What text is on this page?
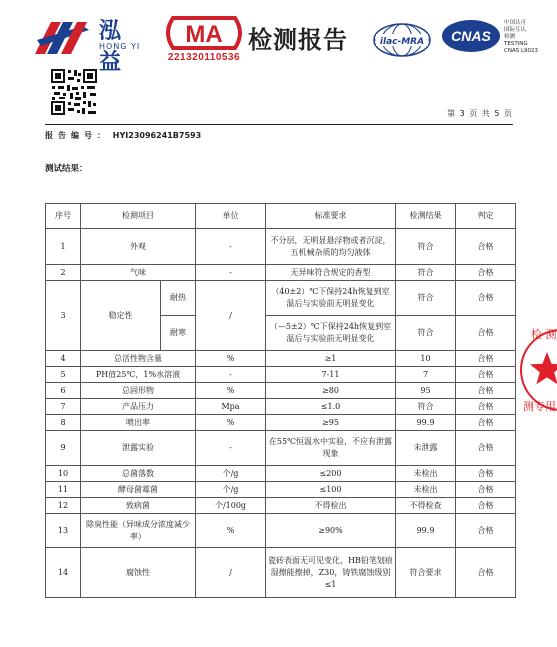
泓益
HONG YI MA
221320110536
检测报告	ilac-MRA CNAS
中国认可
国际互认
检测
TESTING
CNAS L9023
第 3 页 共 5 页
报告编号： HYI23096241B7593
测试结果：
序号	检测项目		单位	标准要求	检测结果	判定
1	外观		-	不分层，无明显悬浮物或者沉淀，五机械杂质的均匀液体	符合	合格
2	气味		-	无异味符合规定的香型	符合	合格
3	稳定性	耐热	/	（40±2）℃下保持24h恢复到室温后与实验前无明显变化	符合	合格
		耐寒		（—5±2）℃下保持24h恢复到室温后与实验前无明显变化	符合	合格
4	总活性物含量		%	≥1	10	合格
5	PH值25℃，1%水溶液		-	7-11	7	合格
6	总固形物		%	≥80	95	合格
7	产品压力		Mpa	≤1.0	符合	合格
8	喷出率		%	≥95	99.9	合格
9	泄露实验		-	在55℃恒温水中实验，不应有泄露现象	未泄露	合格
10	总菌落数		个/g	≤200	未检出	合格
11	酵母菌霉菌		个/g	≤100	未检出	合格
12	致病菌		个/100g	不得检出	不得检查	合格
13	除臭性能（异味成分浓度减少率）		%	≥90%	99.9	合格
14	腐蚀性		/	瓷砖表面无可见变化，HB铅笔划痕湿擦能擦掉，Z30，铸铁腐蚀级别≤1	符合要求	合格
检 测
测专用
